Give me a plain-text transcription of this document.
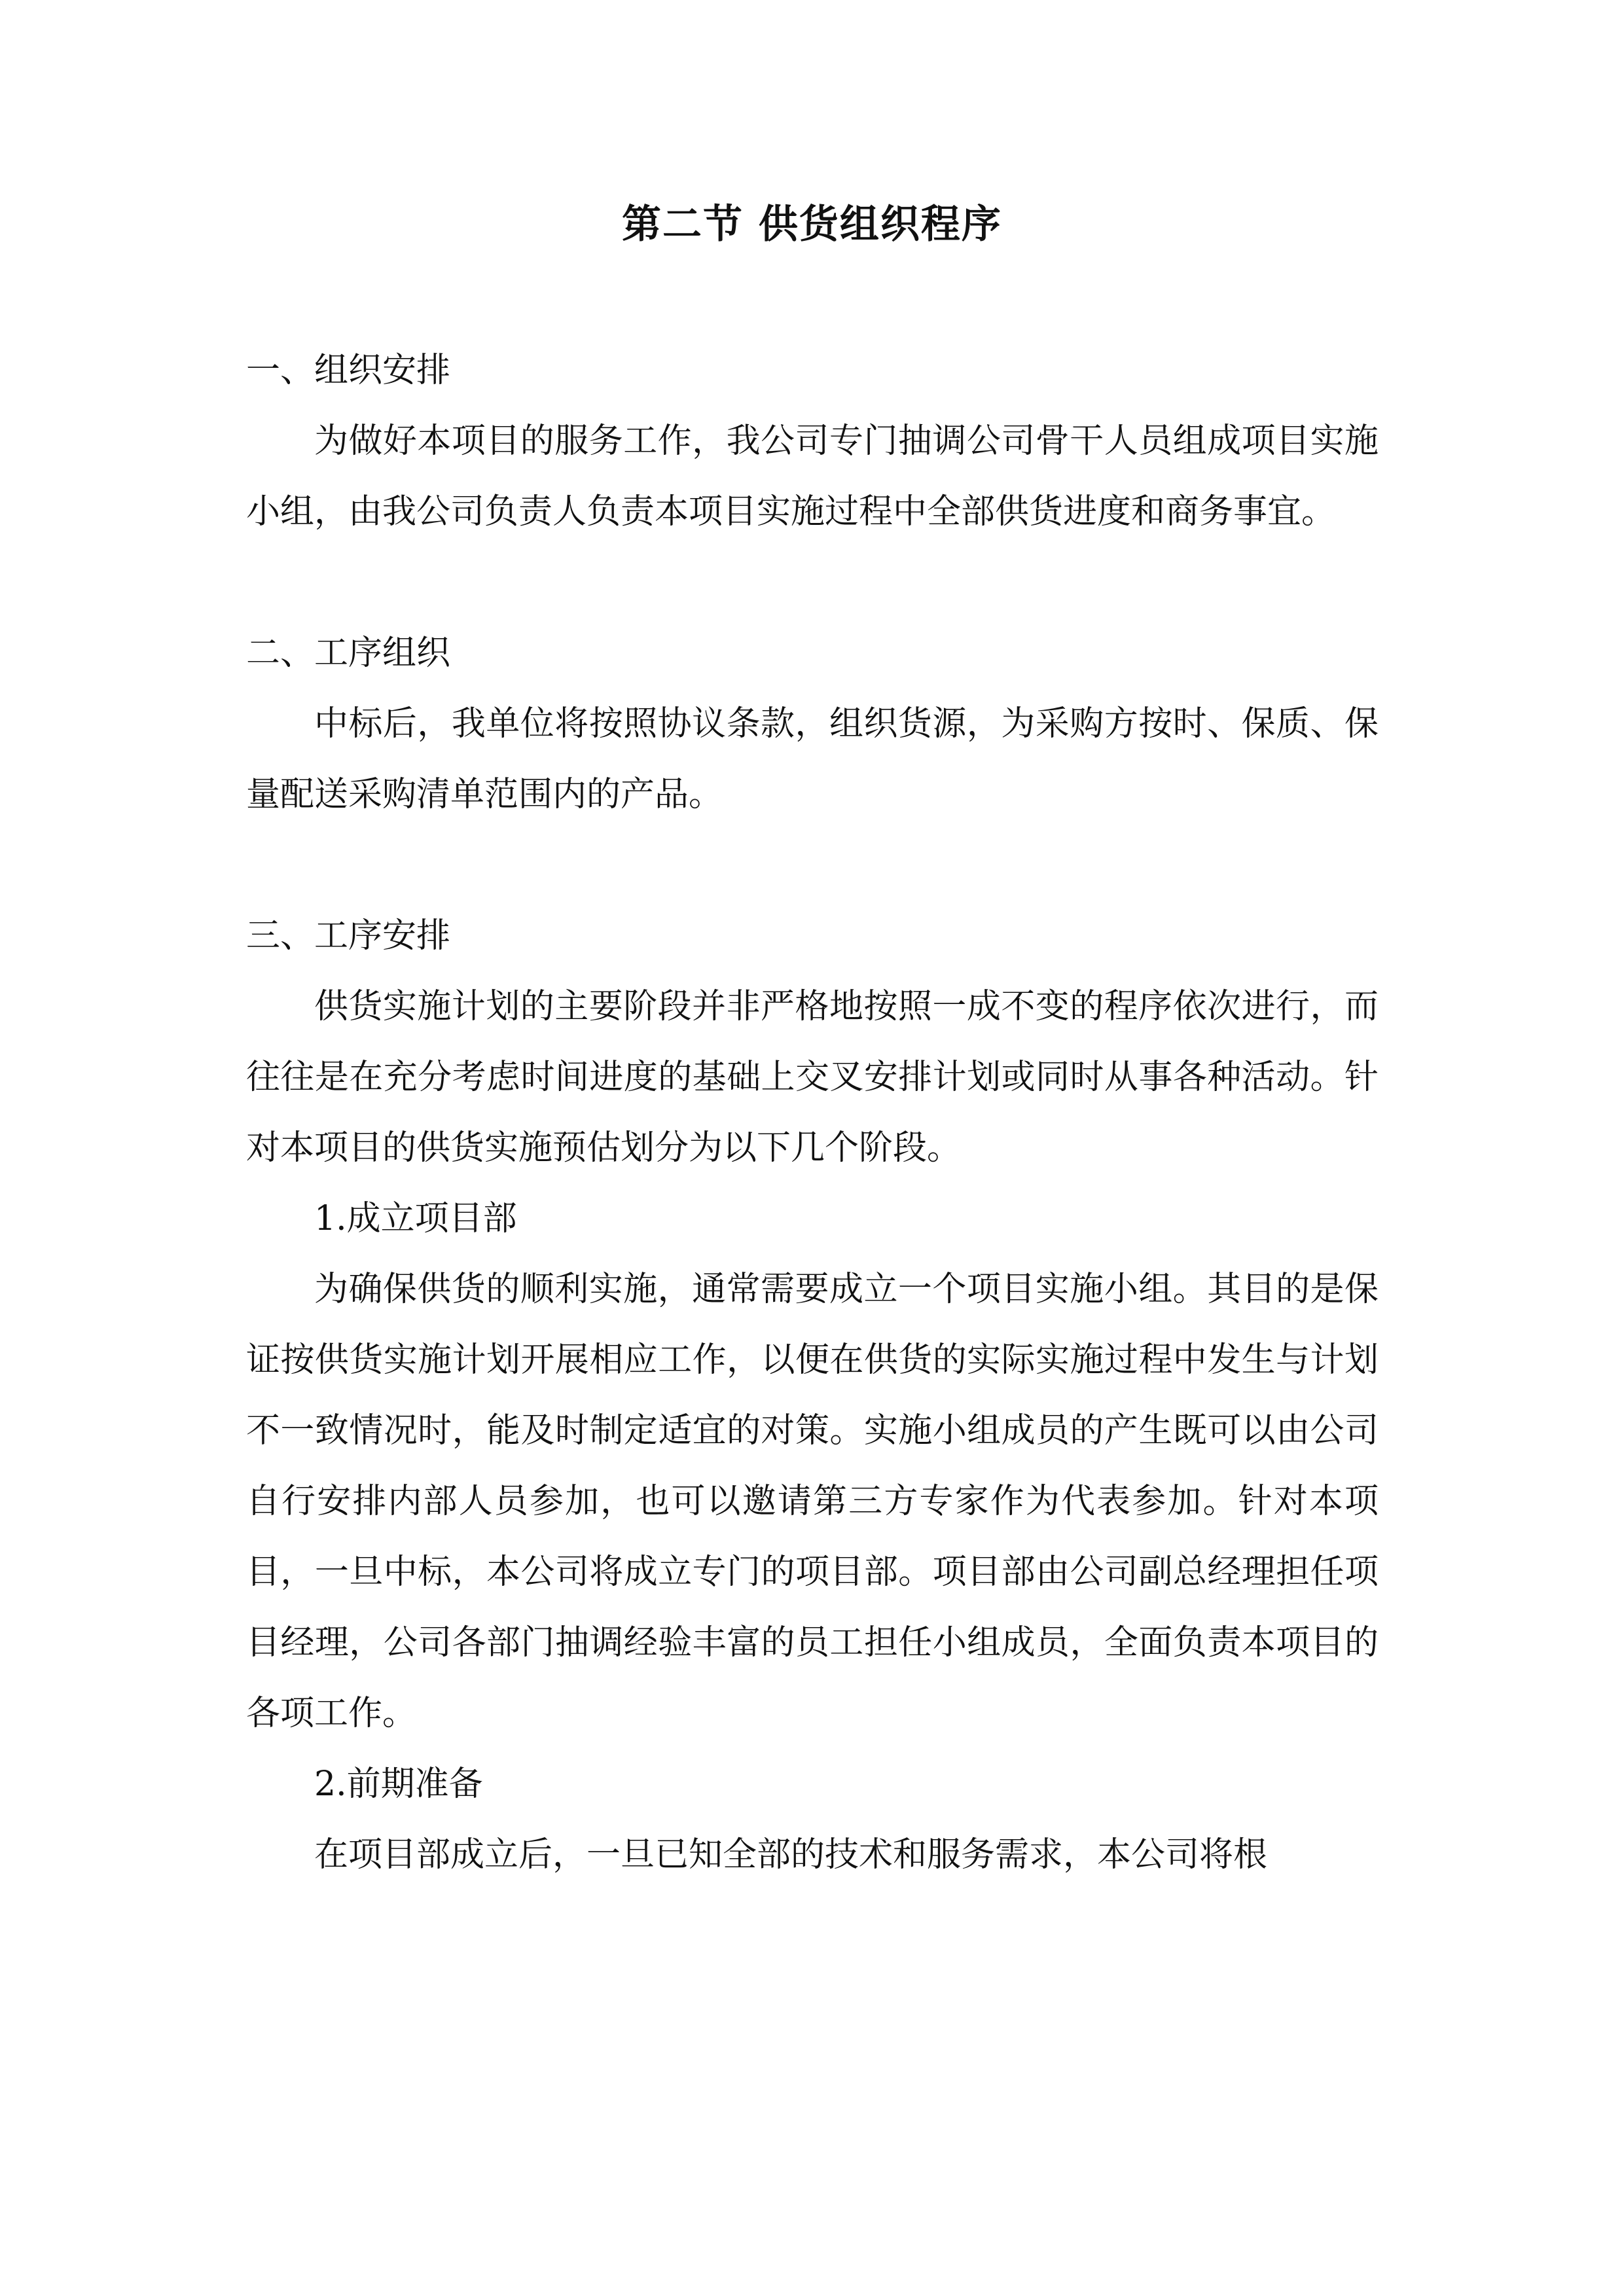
第二节 供货组织程序

一、组织安排

为做好本项目的服务工作，我公司专门抽调公司骨干人员组成项目实施小组，由我公司负责人负责本项目实施过程中全部供货进度和商务事宜。

二、工序组织

中标后，我单位将按照协议条款，组织货源，为采购方按时、保质、保量配送采购清单范围内的产品。

三、工序安排

供货实施计划的主要阶段并非严格地按照一成不变的程序依次进行，而往往是在充分考虑时间进度的基础上交叉安排计划或同时从事各种活动。针对本项目的供货实施预估划分为以下几个阶段。

1.成立项目部

为确保供货的顺利实施，通常需要成立一个项目实施小组。其目的是保证按供货实施计划开展相应工作，以便在供货的实际实施过程中发生与计划不一致情况时，能及时制定适宜的对策。实施小组成员的产生既可以由公司自行安排内部人员参加，也可以邀请第三方专家作为代表参加。针对本项目，一旦中标，本公司将成立专门的项目部。项目部由公司副总经理担任项目经理，公司各部门抽调经验丰富的员工担任小组成员，全面负责本项目的各项工作。

2.前期准备

在项目部成立后，一旦已知全部的技术和服务需求，本公司将根
